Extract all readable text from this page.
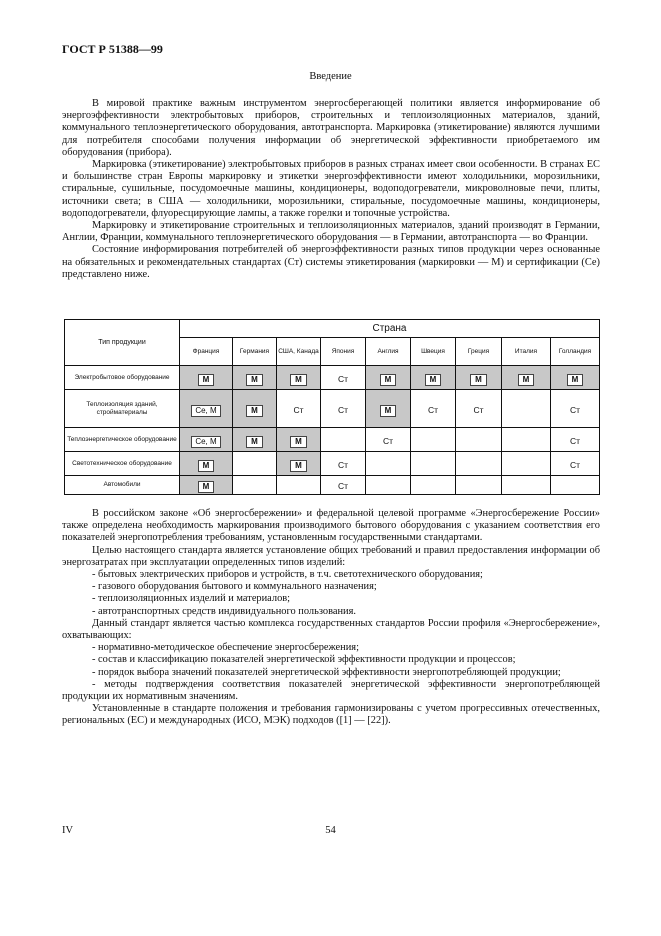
ГОСТ Р 51388—99
Введение

В мировой практике важным инструментом энергосберегающей политики является информирование об энергоэффективности электробытовых приборов, строительных и теплоизоляционных материалов, зданий, коммунального теплоэнергетического оборудования, автотранспорта. Маркировка (этикетирование) являются лучшими для потребителя способами получения информации об энергетической эффективности приобретаемого им оборудования (прибора).

Маркировка (этикетирование) электробытовых приборов в разных странах имеет свои особенности. В странах ЕС и большинстве стран Европы маркировку и этикетки энергоэффективности имеют холодильники, морозильники, стиральные, сушильные, посудомоечные машины, кондиционеры, водоподогреватели, микроволновые печи, плиты, источники света; в США — холодильники, морозильники, стиральные, посудомоечные машины, кондиционеры, водоподогреватели, флуоресцирующие лампы, а также горелки и топочные устройства.

Маркировку и этикетирование строительных и теплоизоляционных материалов, зданий производят в Германии, Англии, Франции, коммунального теплоэнергетического оборудования — в Германии, автотранспорта — во Франции.

Состояние информирования потребителей об энергоэффективности разных типов продукции через основанные на обязательных и рекомендательных стандартах (Ст) системы этикетирования (маркировки — М) и сертификации (Се) представлено ниже.

Тип продукции	Страна								
	Франция	Германия	США, Канада	Япония	Англия	Швеция	Греция	Италия	Голландия
Электробытовое оборудование	M	M	M	Ст	M	M	M	M	M
Теплоизоляция зданий, стройматериалы	Се, М	М	Ст	Ст	М	Ст	Ст		Ст
Теплоэнергетическое оборудование	Се, М	М	М		Ст				Ст
Светотехническое оборудование	М		М	Ст					Ст
Автомобили	М			Ст					

В российском законе «Об энергосбережении» и федеральной целевой программе «Энергосбережение России» также определена необходимость маркирования производимого бытового оборудования с указанием соответствия его показателей энергопотребления требованиям, установленным государственными стандартами.

Целью настоящего стандарта является установление общих требований и правил предоставления информации об энергозатратах при эксплуатации определенных типов изделий:

- бытовых электрических приборов и устройств, в т.ч. светотехнического оборудования;

- газового оборудования бытового и коммунального назначения;

- теплоизоляционных изделий и материалов;

- автотранспортных средств индивидуального пользования.

Данный стандарт является частью комплекса государственных стандартов России профиля «Энергосбережение», охватывающих:

- нормативно-методическое обеспечение энергосбережения;

- состав и классификацию показателей энергетической эффективности продукции и процессов;

- порядок выбора значений показателей энергетической эффективности энергопотребляющей продукции;

- методы подтверждения соответствия показателей энергетической эффективности энергопотребляющей продукции их нормативным значениям.

Установленные в стандарте положения и требования гармонизированы с учетом прогрессивных отечественных, региональных (ЕС) и международных (ИСО, МЭК) подходов ([1] — [22]).

IV	54
